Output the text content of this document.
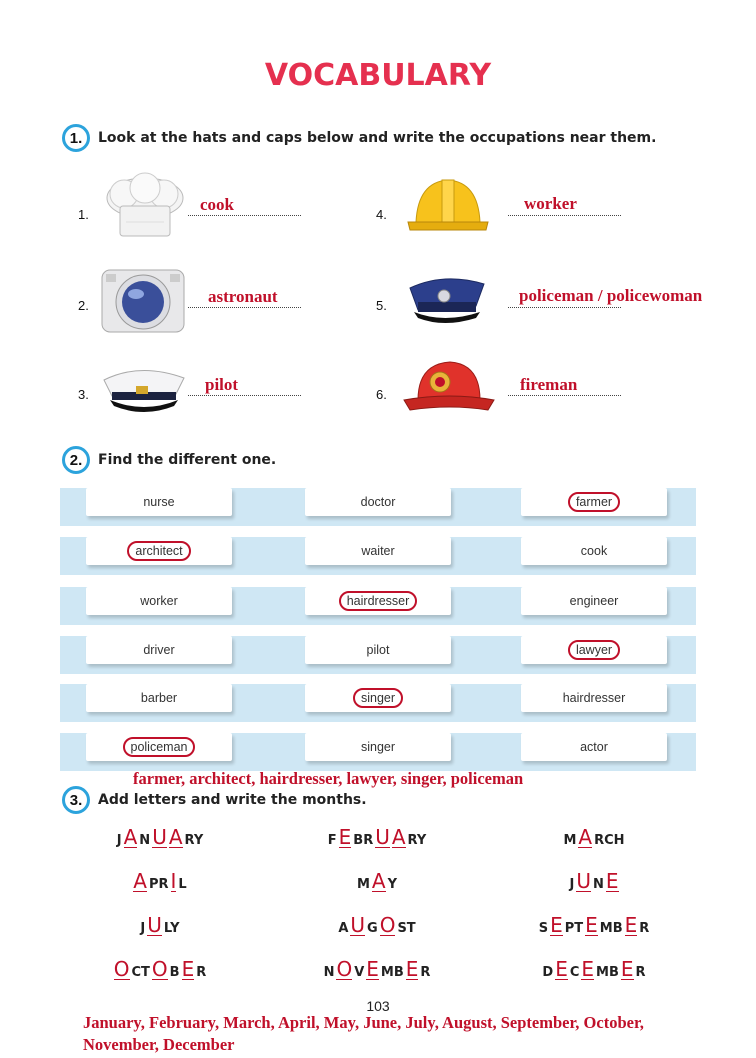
VOCABULARY
1.	Look at the hats and caps below and write the occupations near them.
1.
cook
4.
worker
2.	astronaut	5.
policeman / policewoman
3.
pilot
6.
fireman
2.	Find the different one.
nurse	doctor	farmer
architect	waiter	cook
worker	hairdresser	engineer
driver	pilot	lawyer
barber	singer	hairdresser
policeman	singer	actor
farmer, architect, hairdresser, lawyer, singer, policeman
3.	Add letters and write the months.
J A N U A RY	F E BR U A RY	M A RCH
A PR I L	M A Y	J U N E
J U LY	A U G O ST	S E PT E MB E R
O CT O B E R	N O V E MB E R	D E C E MB E R
103
January, February, March, April, May, June, July, August, September, October, November, December
